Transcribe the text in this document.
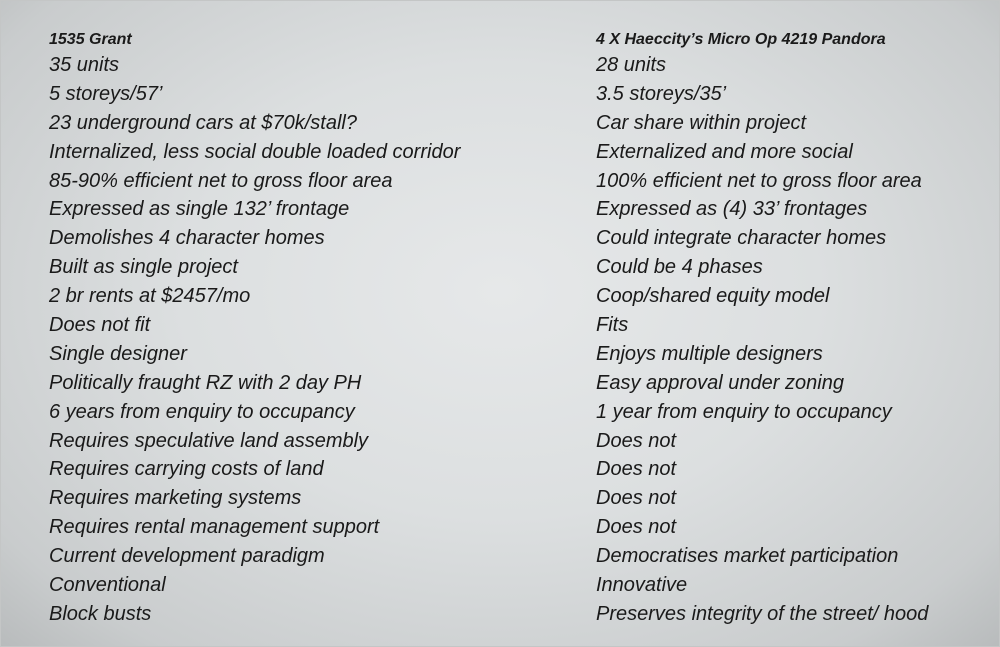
1535 Grant
35 units
5 storeys/57’
23 underground cars at $70k/stall?
Internalized, less social double loaded corridor
85-90% efficient net to gross floor area
Expressed as single 132’ frontage
Demolishes 4 character homes
Built as single project
2 br rents at $2457/mo
Does not fit
Single designer
Politically fraught RZ with 2 day PH
6 years from enquiry to occupancy
Requires speculative land assembly
Requires carrying costs of land
Requires marketing systems
Requires rental management support
Current development paradigm
Conventional
Block busts
4 X Haeccity’s Micro Op 4219 Pandora
28 units
3.5 storeys/35’
Car share within project
Externalized and more social
100% efficient net to gross floor area
Expressed as (4) 33’ frontages
Could integrate character homes
Could be 4 phases
Coop/shared equity model
Fits
Enjoys multiple designers
Easy approval under zoning
1 year from enquiry to occupancy
Does not
Does not
Does not
Does not
Democratises market participation
Innovative
Preserves integrity of the street/ hood
